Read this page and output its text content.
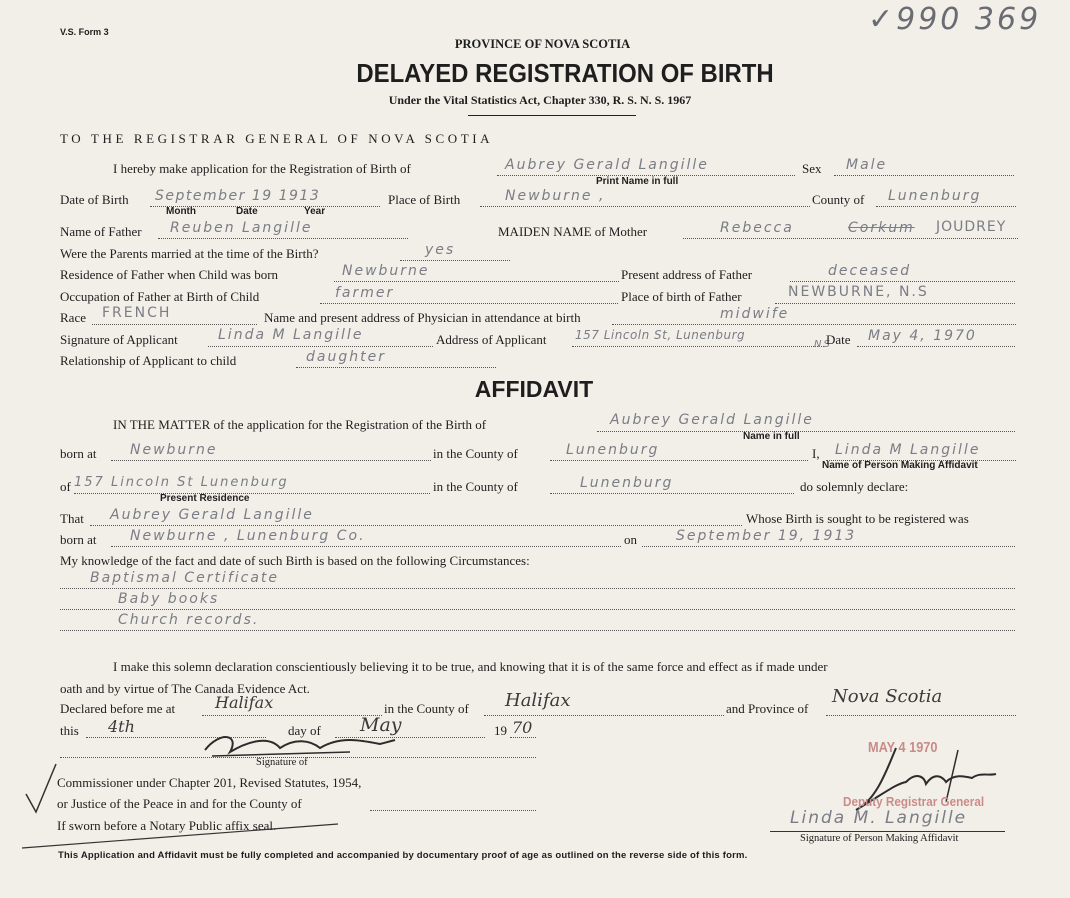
V.S. Form 3	✓990 369
PROVINCE OF NOVA SCOTIA
DELAYED REGISTRATION OF BIRTH
Under the Vital Statistics Act, Chapter 330, R. S. N. S. 1967
TO THE REGISTRAR GENERAL OF NOVA SCOTIA
I hereby make application for the Registration of Birth of	Aubrey Gerald Langille
Print Name in full
Sex Male
Date of Birth September 19 1913
Month	Date	Year
Place of Birth	Newburne ,	County of Lunenburg
Name of Father Reuben Langille	MAIDEN NAME of Mother	Rebecca	Corkum JOUDREY
Were the Parents married at the time of the Birth?	yes
Residence of Father when Child was born	Newburne	Present address of Father	deceased
Occupation of Father at Birth of Child	farmer	Place of birth of Father	NEWBURNE, N.S
Race FRENCH	Name and present address of Physician in attendance at birth	midwife
Signature of Applicant	Linda M Langille	Address of Applicant 157 Lincoln St, Lunenburg
NS
Date May 4, 1970
Relationship of Applicant to child	daughter
AFFIDAVIT
IN THE MATTER of the application for the Registration of the Birth of	Aubrey Gerald Langille
Name in full
born at Newburne	in the County of	Lunenburg	I, Linda M Langille
Name of Person Making Affidavit
of 157 Lincoln St Lunenburg
Present Residence
in the County of	Lunenburg	do solemnly declare:
That Aubrey Gerald Langille	Whose Birth is sought to be registered was
born at Newburne , Lunenburg Co.	on	September 19, 1913
My knowledge of the fact and date of such Birth is based on the following Circumstances:
Baptismal Certificate
Baby books
Church records.
I make this solemn declaration conscientiously believing it to be true, and knowing that it is of the same force and effect as if made under
oath and by virtue of The Canada Evidence Act.
Declared before me at Halifax	in the County of Halifax	and Province of
Nova Scotia
this 4th	day of May	19 70
Signature of
Commissioner under Chapter 201, Revised Statutes, 1954,
or Justice of the Peace in and for the County of
If sworn before a Notary Public affix seal.
MAY 4 1970
Deputy Registrar General
Linda M. Langille
Signature of Person Making Affidavit
This Application and Affidavit must be fully completed and accompanied by documentary proof of age as outlined on the reverse side of this form.
